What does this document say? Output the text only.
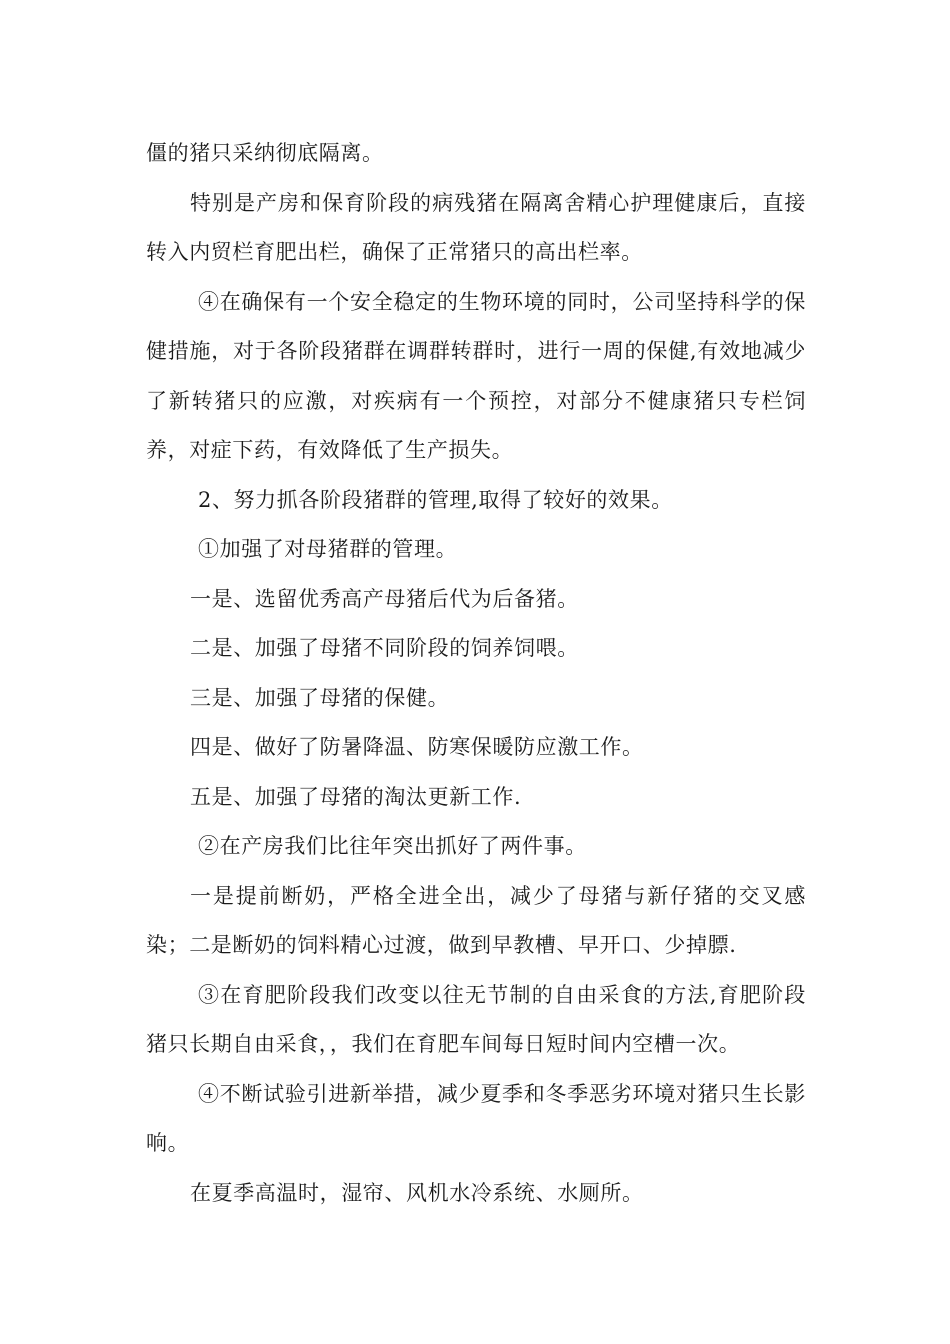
僵的猪只采纳彻底隔离。

特别是产房和保育阶段的病残猪在隔离舍精心护理健康后，直接转入内贸栏育肥出栏，确保了正常猪只的高出栏率。

④在确保有一个安全稳定的生物环境的同时，公司坚持科学的保健措施，对于各阶段猪群在调群转群时，进行一周的保健,有效地减少了新转猪只的应激，对疾病有一个预控，对部分不健康猪只专栏饲养，对症下药，有效降低了生产损失。

2、努力抓各阶段猪群的管理,取得了较好的效果。

①加强了对母猪群的管理。

一是、选留优秀高产母猪后代为后备猪。

二是、加强了母猪不同阶段的饲养饲喂。

三是、加强了母猪的保健。

四是、做好了防暑降温、防寒保暖防应激工作。

五是、加强了母猪的淘汰更新工作.

②在产房我们比往年突出抓好了两件事。

一是提前断奶，严格全进全出，减少了母猪与新仔猪的交叉感染；二是断奶的饲料精心过渡，做到早教槽、早开口、少掉膘.

③在育肥阶段我们改变以往无节制的自由采食的方法,育肥阶段猪只长期自由采食，，我们在育肥车间每日短时间内空槽一次。

④不断试验引进新举措，减少夏季和冬季恶劣环境对猪只生长影响。

在夏季高温时，湿帘、风机水冷系统、水厕所。
